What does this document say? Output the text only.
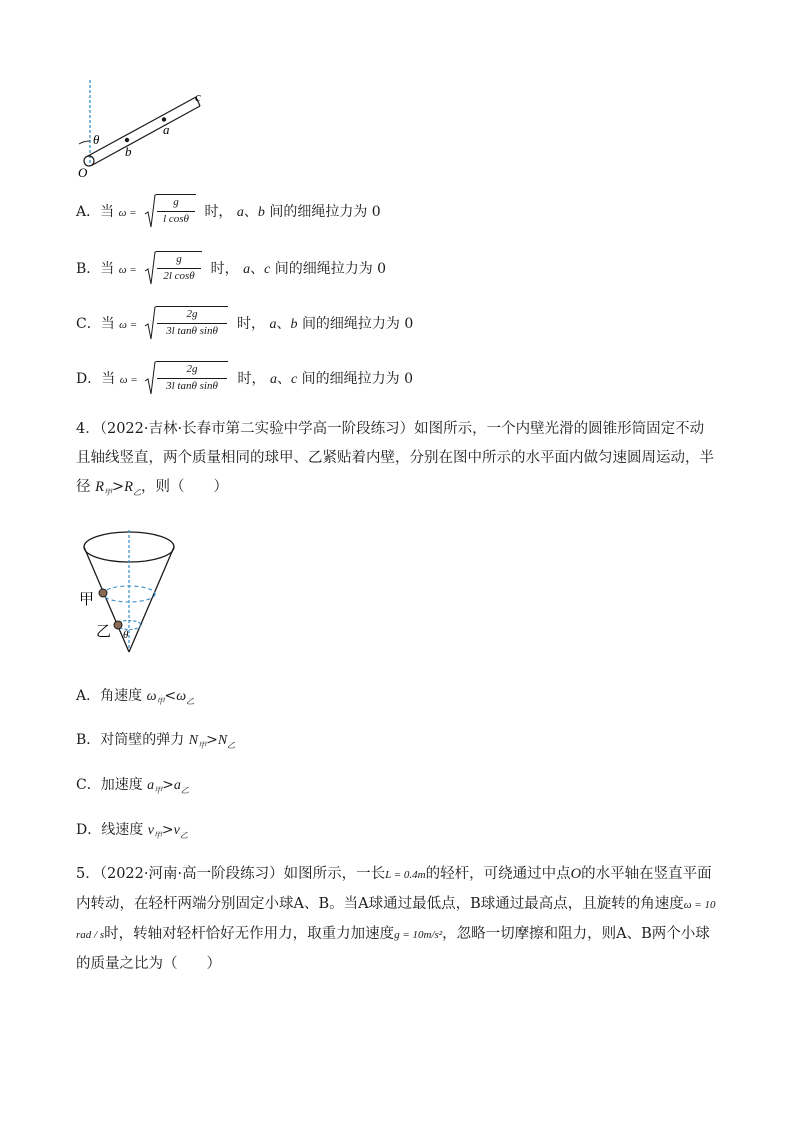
c
a
b
θ
O
A．当 ω =
g
l cosθ	时， a、b 间的细绳拉力为 0
B．当 ω =
g
2l cosθ	时， a、c 间的细绳拉力为 0
C．当 ω =
2g
3l tanθ sinθ	时， a、b 间的细绳拉力为 0
D．当 ω =
2g
3l tanθ sinθ	时， a、c 间的细绳拉力为 0
4．（2022·吉林·长春市第二实验中学高一阶段练习）如图所示，一个内壁光滑的圆锥形筒固定不动且轴线竖直，两个质量相同的球甲、乙紧贴着内壁，分别在图中所示的水平面内做匀速圆周运动，半径 $R_甲>R_乙$，则（　　）
甲
乙 θ
A．角速度 $\omega_甲<\omega_乙$
B．对筒壁的弹力 $N_甲>N_乙$
C．加速度 $a_甲>a_乙$
D．线速度 $v_甲>v_乙$
5．（2022·河南·高一阶段练习）如图所示，一长L = 0.4m的轻杆，可绕通过中点O的水平轴在竖直平面内转动，在轻杆两端分别固定小球A、B。当A球通过最低点，B球通过最高点，且旋转的角速度ω = 10 rad / s时，转轴对轻杆恰好无作用力，取重力加速度g = 10m/s²，忽略一切摩擦和阻力，则A、B两个小球的质量之比为（　　）
